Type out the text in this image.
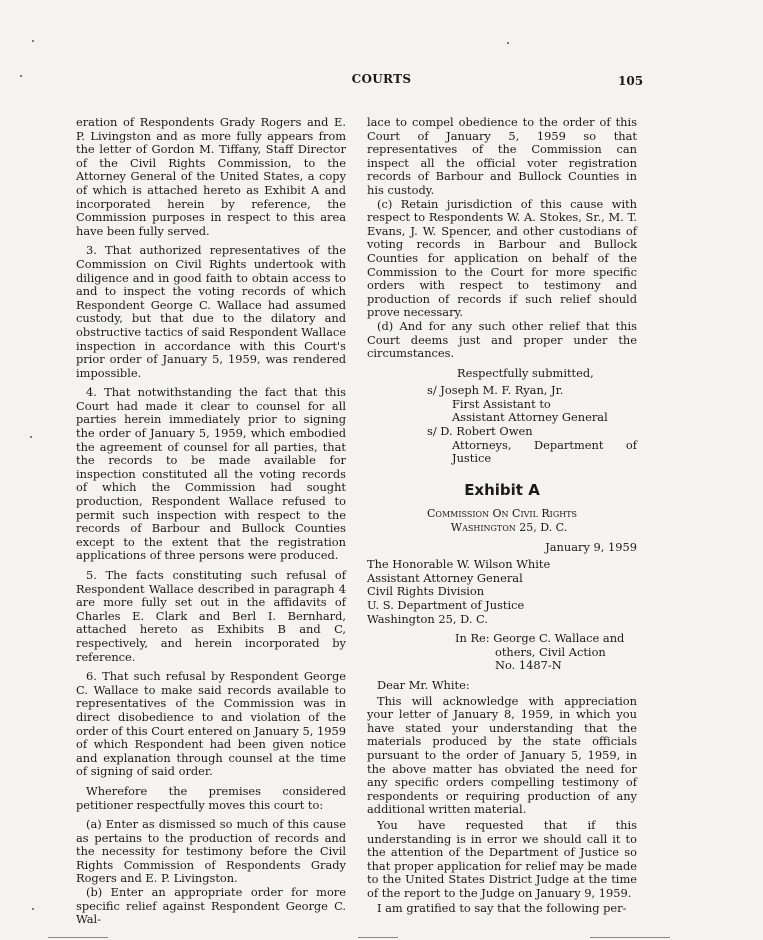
COURTS	105

eration of Respondents Grady Rogers and E. P. Livingston and as more fully appears from the letter of Gordon M. Tiffany, Staff Director of the Civil Rights Commission, to the Attorney General of the United States, a copy of which is attached hereto as Exhibit A and incorporated herein by reference, the Commission purposes in respect to this area have been fully served.

3. That authorized representatives of the Commission on Civil Rights undertook with diligence and in good faith to obtain access to and to inspect the voting records of which Respondent George C. Wallace had assumed custody, but that due to the dilatory and obstructive tactics of said Respondent Wallace inspection in accordance with this Court's prior order of January 5, 1959, was rendered impossible.

4. That notwithstanding the fact that this Court had made it clear to counsel for all parties herein immediately prior to signing the order of January 5, 1959, which embodied the agreement of counsel for all parties, that the records to be made available for inspection constituted all the voting records of which the Commission had sought production, Respondent Wallace refused to permit such inspection with respect to the records of Barbour and Bullock Counties except to the extent that the registration applications of three persons were produced.

5. The facts constituting such refusal of Respondent Wallace described in paragraph 4 are more fully set out in the affidavits of Charles E. Clark and Berl I. Bernhard, attached hereto as Exhibits B and C, respectively, and herein incorporated by reference.

6. That such refusal by Respondent George C. Wallace to make said records available to representatives of the Commission was in direct disobedience to and violation of the order of this Court entered on January 5, 1959 of which Respondent had been given notice and explanation through counsel at the time of signing of said order.

Wherefore the premises considered petitioner respectfully moves this court to:

(a) Enter as dismissed so much of this cause as pertains to the production of records and the necessity for testimony before the Civil Rights Commission of Respondents Grady Rogers and E. P. Livingston.

(b) Enter an appropriate order for more specific relief against Respondent George C. Wal-

lace to compel obedience to the order of this Court of January 5, 1959 so that representatives of the Commission can inspect all the official voter registration records of Barbour and Bullock Counties in his custody.

(c) Retain jurisdiction of this cause with respect to Respondents W. A. Stokes, Sr., M. T. Evans, J. W. Spencer, and other custodians of voting records in Barbour and Bullock Counties for application on behalf of the Commission to the Court for more specific orders with respect to testimony and production of records if such relief should prove necessary.

(d) And for any such other relief that this Court deems just and proper under the circumstances.

Respectfully submitted,
s/ Joseph M. F. Ryan, Jr.
First Assistant to
Assistant Attorney General
s/ D. Robert Owen
Attorneys, Department of Justice
Exhibit A
Commission On Civil Rights
Washington 25, D. C.
January 9, 1959
The Honorable W. Wilson White
Assistant Attorney General
Civil Rights Division
U. S. Department of Justice
Washington 25, D. C.
In Re: George C. Wallace and
others, Civil Action
No. 1487-N
Dear Mr. White:

This will acknowledge with appreciation your letter of January 8, 1959, in which you have stated your understanding that the materials produced by the state officials pursuant to the order of January 5, 1959, in the above matter has obviated the need for any specific orders compelling testimony of respondents or requiring production of any additional written material.

You have requested that if this understanding is in error we should call it to the attention of the Department of Justice so that proper application for relief may be made to the United States District Judge at the time of the report to the Judge on January 9, 1959.

I am gratified to say that the following per-
